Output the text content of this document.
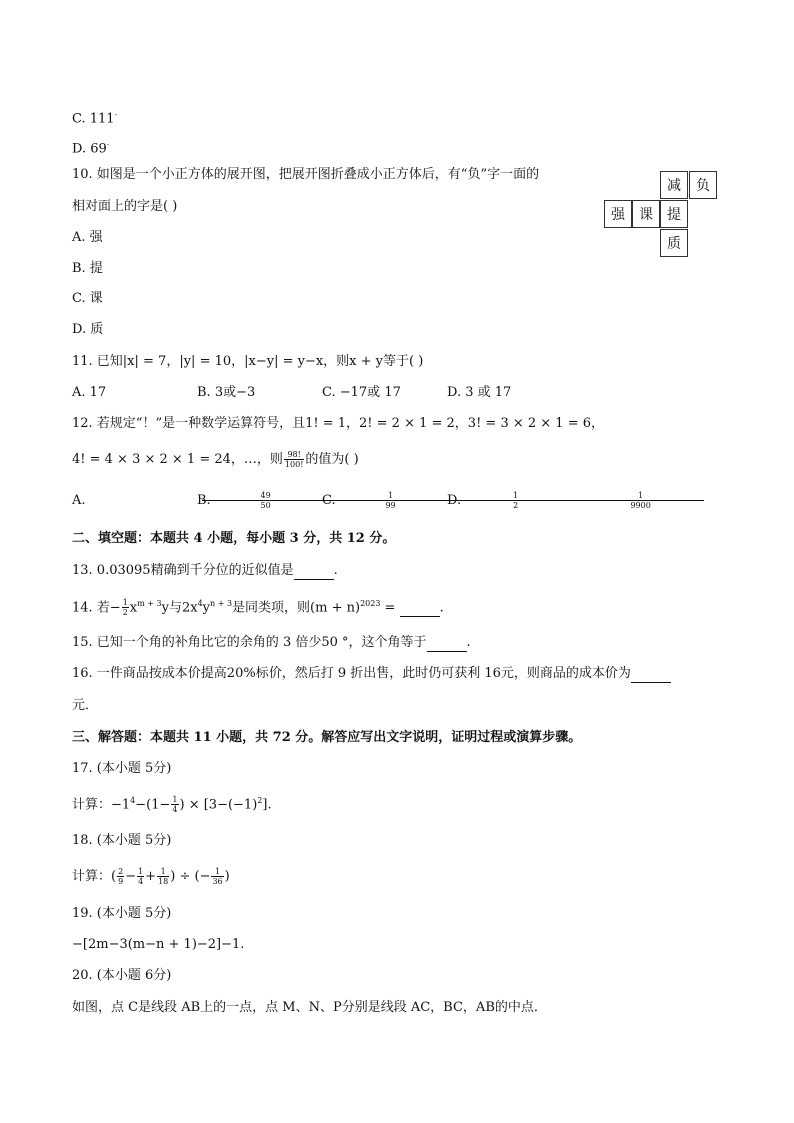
C. 111-
D. 69-
10. 如图是一个小正方体的展开图，把展开图折叠成小正方体后，有“负”字一面的
相对面上的字是( )
A. 强
B. 提
C. 课
D. 质
减	负
强	课	提
质
11. 已知|x| = 7，|y| = 10，|x−y| = y−x，则x + y等于( )
A. 17	B. 3或−3	C. −17或 17	D. 3 或 17
12. 若规定“！”是一种数学运算符号，且1! = 1，2! = 2 × 1 = 2，3! = 3 × 2 × 1 = 6，
4! = 4 × 3 × 2 × 1 = 24，…，则 $\frac{98!}{100!}$ 的值为( )
A.	$\frac{49}{50}$
B.	$\frac{1}{99}$
C.	$\frac{1}{2}$
D.	$\frac{1}{9900}$
二、填空题：本题共 4 小题，每小题 3 分，共 12 分。
13. 0.03095精确到千分位的近似值是	.
14. 若− $\frac{1}{2} x^{m + 3}y$与$2x^4y^{n + 3}$是同类项，则$(m + n)^{2023}$ =	.
15. 已知一个角的补角比它的余角的 3 倍少50 °，这个角等于	.
16. 一件商品按成本价提高20%标价，然后打 9 折出售，此时仍可获利 16元，则商品的成本价为
元．
三、解答题：本题共 11 小题，共 72 分。解答应写出文字说明，证明过程或演算步骤。
17. (本小题 5分)
计算：$-1^4-(1- \frac{1}{4}$ ) × $[3-(-1)^2]$.
18. (本小题 5分)
计算：( $\frac{2}{9} - \frac{1}{4} + \frac{1}{18}$ ) ÷ (− $\frac{1}{36}$ )
19. (本小题 5分)
−[2m−3(m−n + 1)−2]−1.
20. (本小题 6分)
如图，点 C是线段 AB上的一点，点 M、N、P分别是线段 AC，BC，AB的中点．
